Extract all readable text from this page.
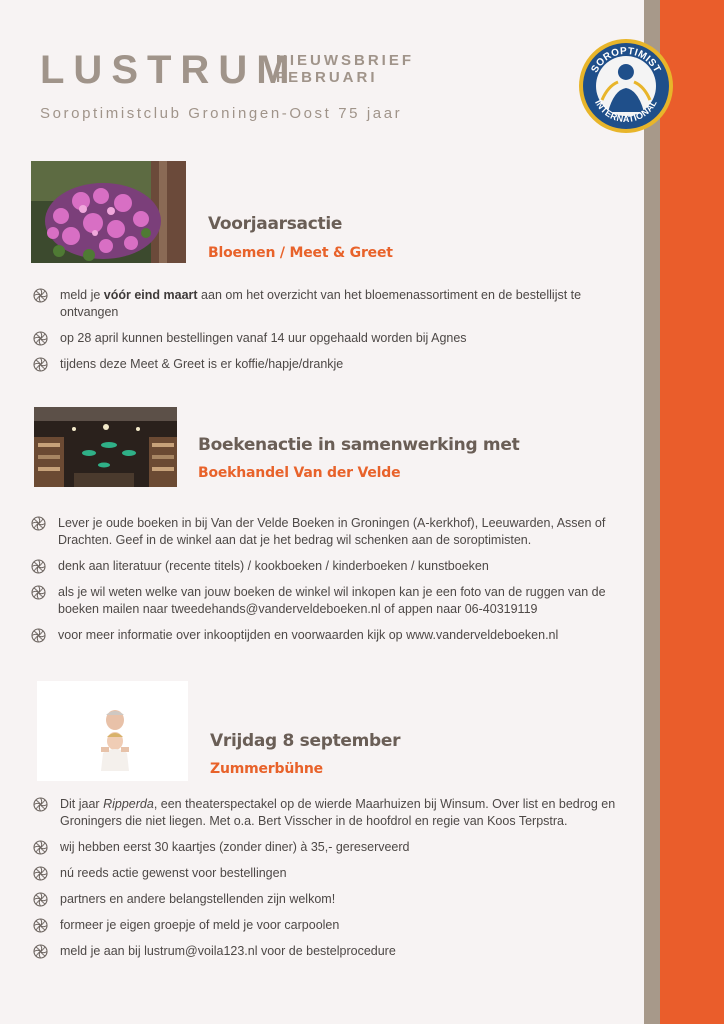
LUSTRUM
NIEUWSBRIEF
FEBRUARI
Soroptimistclub Groningen-Oost 75 jaar
SOROPTIMIST
INTERNATIONAL
Voorjaarsactie
Bloemen / Meet & Greet
meld je vóór eind maart aan om het overzicht van het bloemenassortiment en de bestellijst te ontvangen
op 28 april kunnen bestellingen vanaf 14 uur opgehaald worden bij Agnes
tijdens deze Meet & Greet is er koffie/hapje/drankje
Boekenactie in samenwerking met
Boekhandel Van der Velde
Lever je oude boeken in bij Van der Velde Boeken in Groningen (A-kerkhof), Leeuwarden, Assen of Drachten. Geef in de winkel aan dat je het bedrag wil schenken aan de soroptimisten.
denk aan literatuur (recente titels) / kookboeken / kinderboeken / kunstboeken
als je wil weten welke van jouw boeken de winkel wil inkopen kan je een foto van de ruggen van de boeken mailen naar tweedehands@vanderveldeboeken.nl of appen naar 06-40319119
voor meer informatie over inkooptijden en voorwaarden kijk op www.vanderveldeboeken.nl
Vrijdag 8 september
Zummerbühne
Dit jaar Ripperda, een theaterspectakel op de wierde Maarhuizen bij Winsum. Over list en bedrog en Groningers die niet liegen. Met o.a. Bert Visscher in de hoofdrol en regie van Koos Terpstra.
wij hebben eerst 30 kaartjes (zonder diner) à 35,- gereserveerd
nú reeds actie gewenst voor bestellingen
partners en andere belangstellenden zijn welkom!
formeer je eigen groepje of meld je voor carpoolen
meld je aan bij lustrum@voila123.nl voor de bestelprocedure
